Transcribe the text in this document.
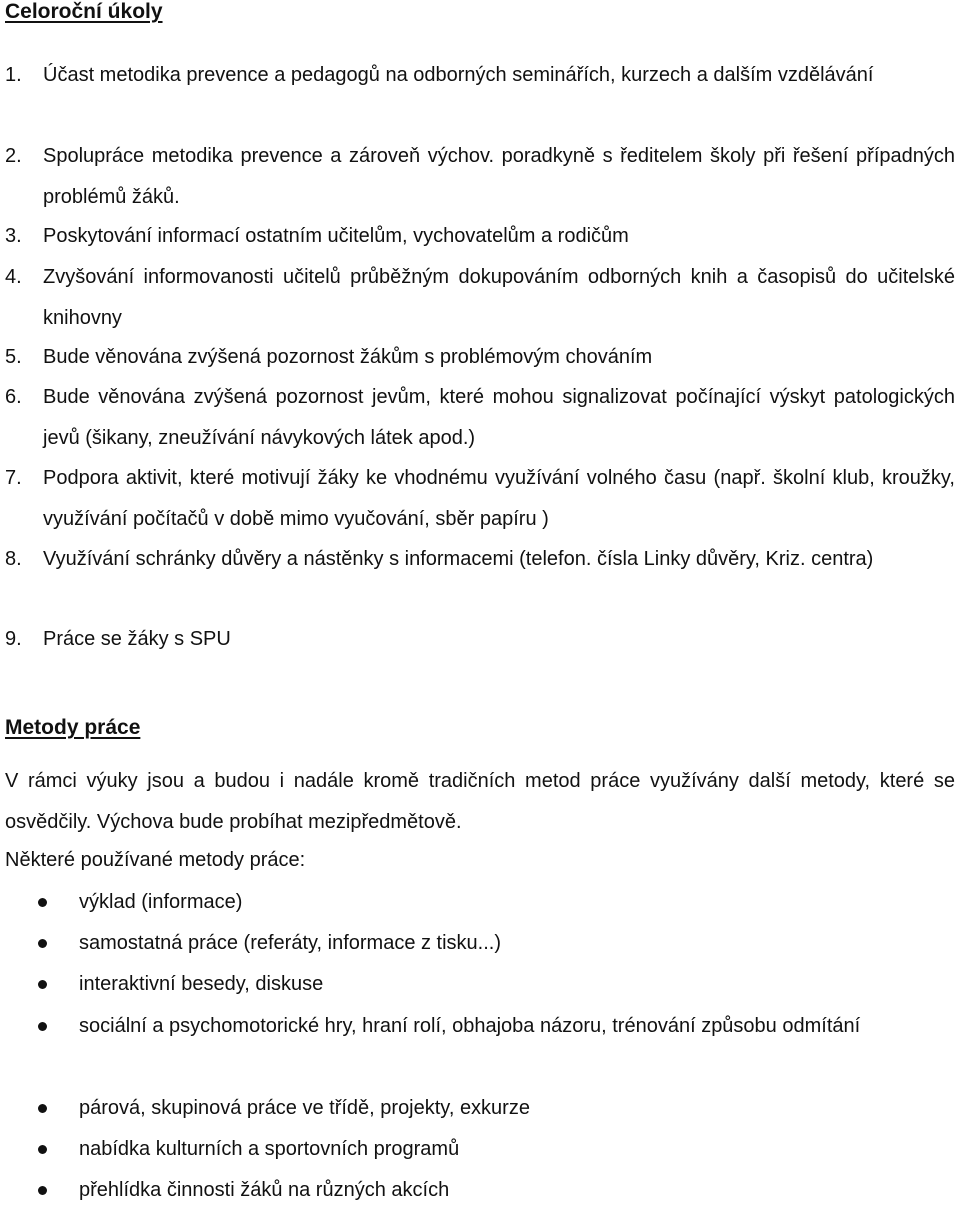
Celoroční úkoly
1.	Účast metodika prevence a pedagogů na odborných seminářích, kurzech a dalším vzdělávání
2.	Spolupráce metodika prevence a zároveň výchov. poradkyně s ředitelem školy při řešení případných problémů žáků.
3.	Poskytování informací ostatním učitelům, vychovatelům a rodičům
4.	Zvyšování informovanosti učitelů průběžným dokupováním odborných knih a časopisů do učitelské knihovny
5.	Bude věnována zvýšená pozornost žákům s problémovým chováním
6.	Bude věnována zvýšená pozornost jevům, které mohou signalizovat počínající výskyt patologických jevů (šikany, zneužívání návykových látek apod.)
7.	Podpora aktivit, které motivují žáky ke vhodnému využívání volného času (např. školní klub, kroužky, využívání počítačů v době mimo vyučování, sběr papíru )
8.	Využívání schránky důvěry a nástěnky s informacemi (telefon. čísla Linky důvěry, Kriz. centra)
9.	Práce se žáky s SPU
Metody práce
V rámci výuky jsou a budou i nadále kromě tradičních metod práce využívány další metody, které se osvědčily. Výchova bude probíhat mezipředmětově.
Některé používané metody práce:
výklad (informace)
samostatná práce (referáty, informace z tisku...)
interaktivní besedy, diskuse
sociální a psychomotorické hry, hraní rolí, obhajoba názoru, trénování způsobu odmítání
párová, skupinová práce ve třídě, projekty, exkurze
nabídka kulturních a sportovních programů
přehlídka činnosti žáků na různých akcích
